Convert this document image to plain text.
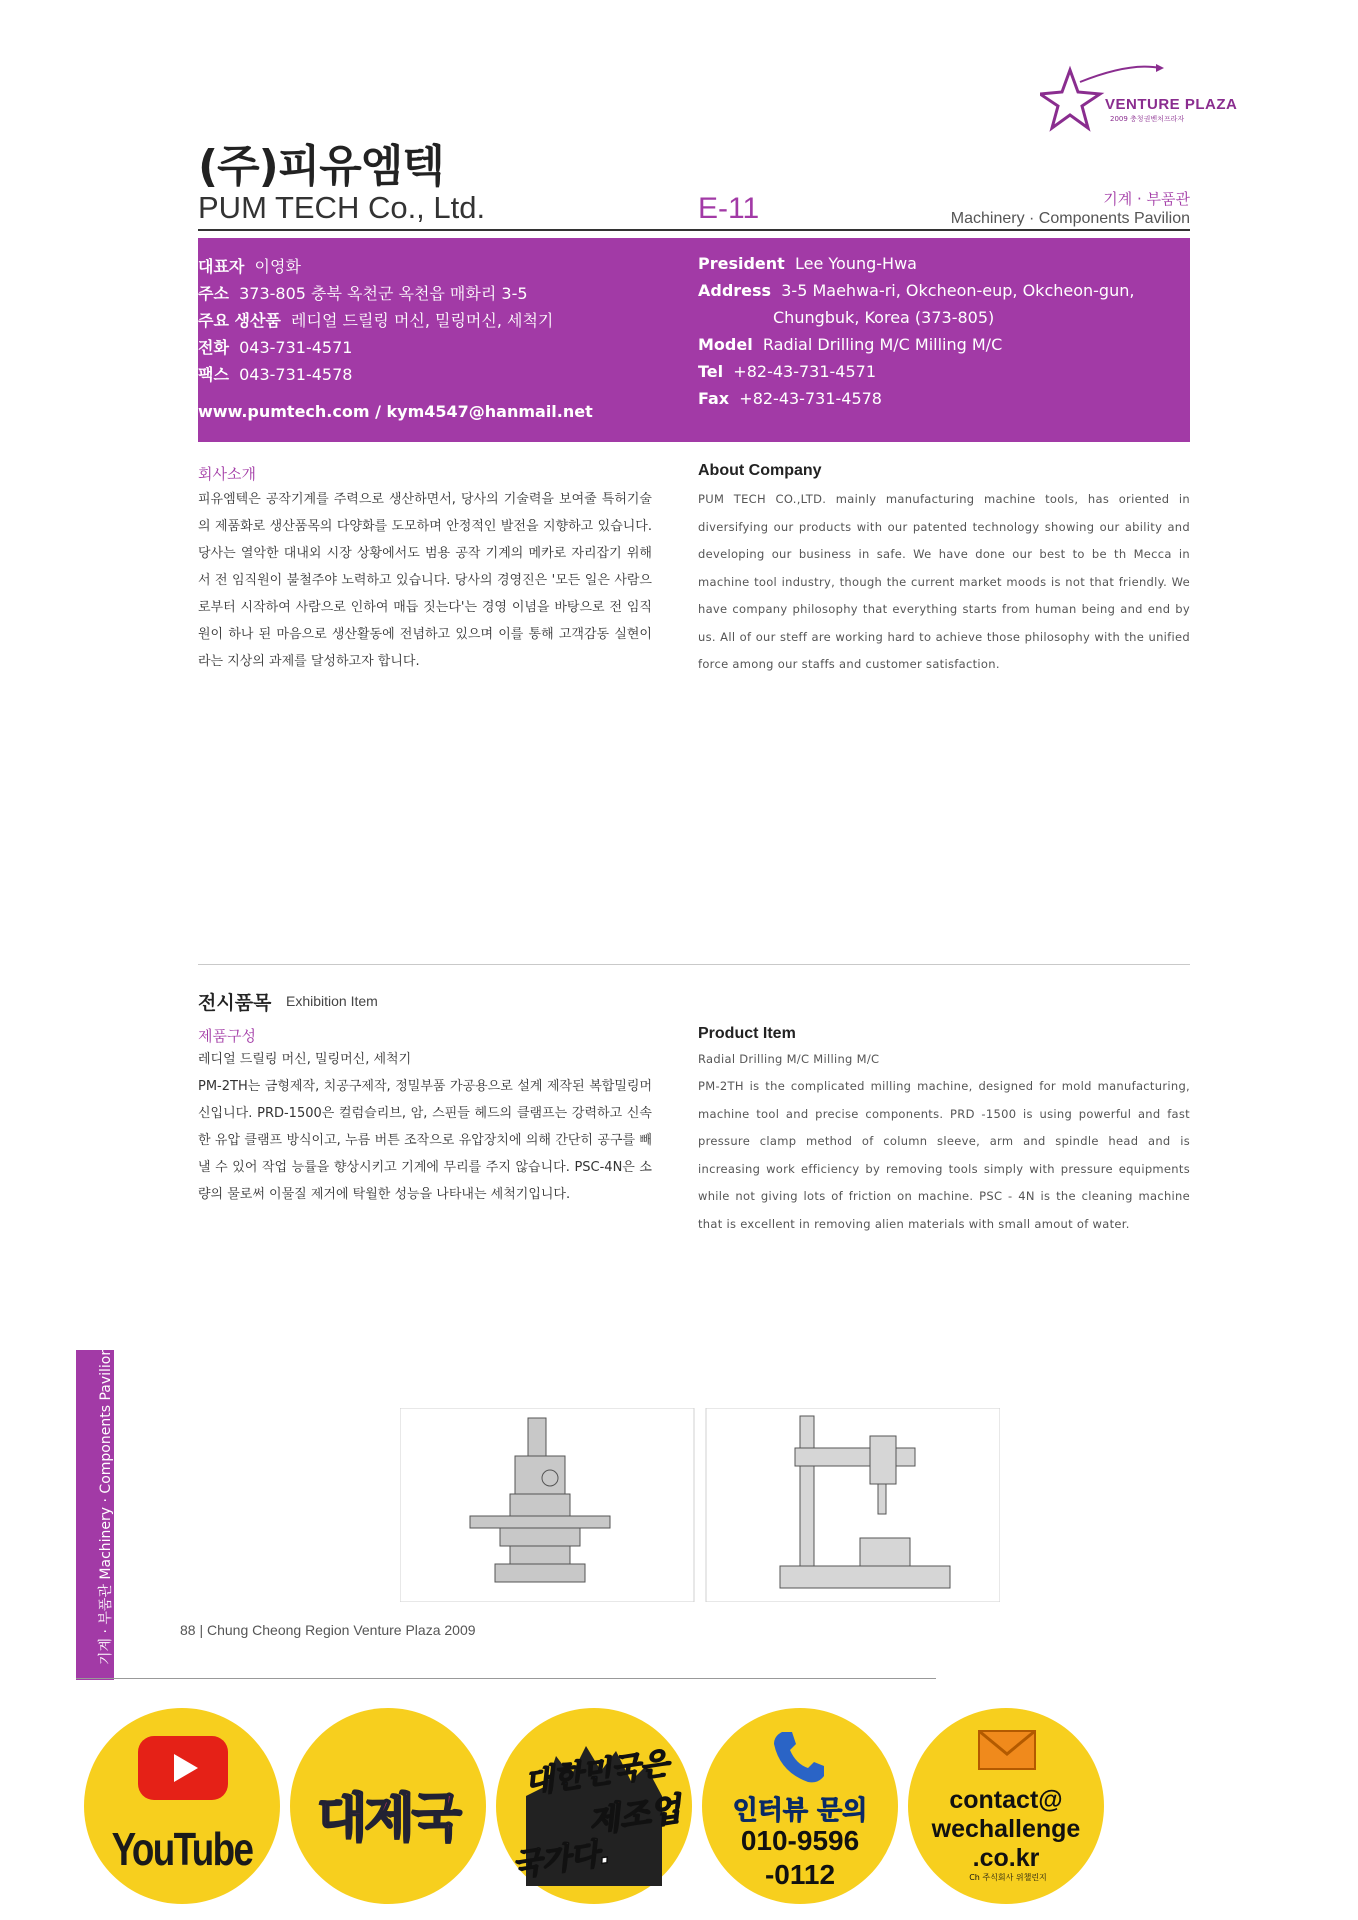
VENTURE PLAZA
2009 충청권벤처프라자
(주)피유엠텍
PUM TECH Co., Ltd.	E-11	기계 · 부품관
Machinery · Components Pavilion
대표자 이영화
주소 373-805 충북 옥천군 옥천읍 매화리 3-5
주요 생산품 레디얼 드릴링 머신, 밀링머신, 세척기
전화 043-731-4571
팩스 043-731-4578
www.pumtech.com / kym4547@hanmail.net
President Lee Young-Hwa
Address 3-5 Maehwa-ri, Okcheon-eup, Okcheon-gun,
Chungbuk, Korea (373-805)
Model Radial Drilling M/C Milling M/C
Tel +82-43-731-4571
Fax +82-43-731-4578
회사소개
피유엠텍은 공작기계를 주력으로 생산하면서, 당사의 기술력을 보여줄 특허기술의 제품화로 생산품목의 다양화를 도모하며 안정적인 발전을 지향하고 있습니다. 당사는 열악한 대내외 시장 상황에서도 범용 공작 기계의 메카로 자리잡기 위해서 전 임직원이 불철주야 노력하고 있습니다. 당사의 경영진은 '모든 일은 사람으로부터 시작하여 사람으로 인하여 매듭 짓는다'는 경영 이념을 바탕으로 전 임직원이 하나 된 마음으로 생산활동에 전념하고 있으며 이를 통해 고객감동 실현이라는 지상의 과제를 달성하고자 합니다.
About Company
PUM TECH CO.,LTD. mainly manufacturing machine tools, has oriented in diversifying our products with our patented technology showing our ability and developing our business in safe. We have done our best to be th Mecca in machine tool industry, though the current market moods is not that friendly. We have company philosophy that everything starts from human being and end by us. All of our steff are working hard to achieve those philosophy with the unified force among our staffs and customer satisfaction.
전시품목 Exhibition Item
제품구성
레디얼 드릴링 머신, 밀링머신, 세척기
PM-2TH는 금형제작, 치공구제작, 정밀부품 가공용으로 설계 제작된 복합밀링머신입니다. PRD-1500은 컬럼슬리브, 암, 스핀들 헤드의 클램프는 강력하고 신속한 유압 클램프 방식이고, 누름 버튼 조작으로 유압장치에 의해 간단히 공구를 빼낼 수 있어 작업 능률을 향상시키고 기계에 무리를 주지 않습니다. PSC-4N은 소량의 물로써 이물질 제거에 탁월한 성능을 나타내는 세척기입니다.
Product Item
Radial Drilling M/C Milling M/C
PM-2TH is the complicated milling machine, designed for mold manufacturing, machine tool and precise components. PRD -1500 is using powerful and fast pressure clamp method of column sleeve, arm and spindle head and is increasing work efficiency by removing tools simply with pressure equipments while not giving lots of friction on machine. PSC - 4N is the cleaning machine that is excellent in removing alien materials with small amout of water.
기계 · 부품관 Machinery · Components Pavilion	88 | Chung Cheong Region Venture Plaza 2009
YouTube	대제국
대한민국은
제조업
국가다.
인터뷰 문의
010-9596
-0112
contact@
wechallenge
.co.kr
Ch 주식회사 위챌린지
